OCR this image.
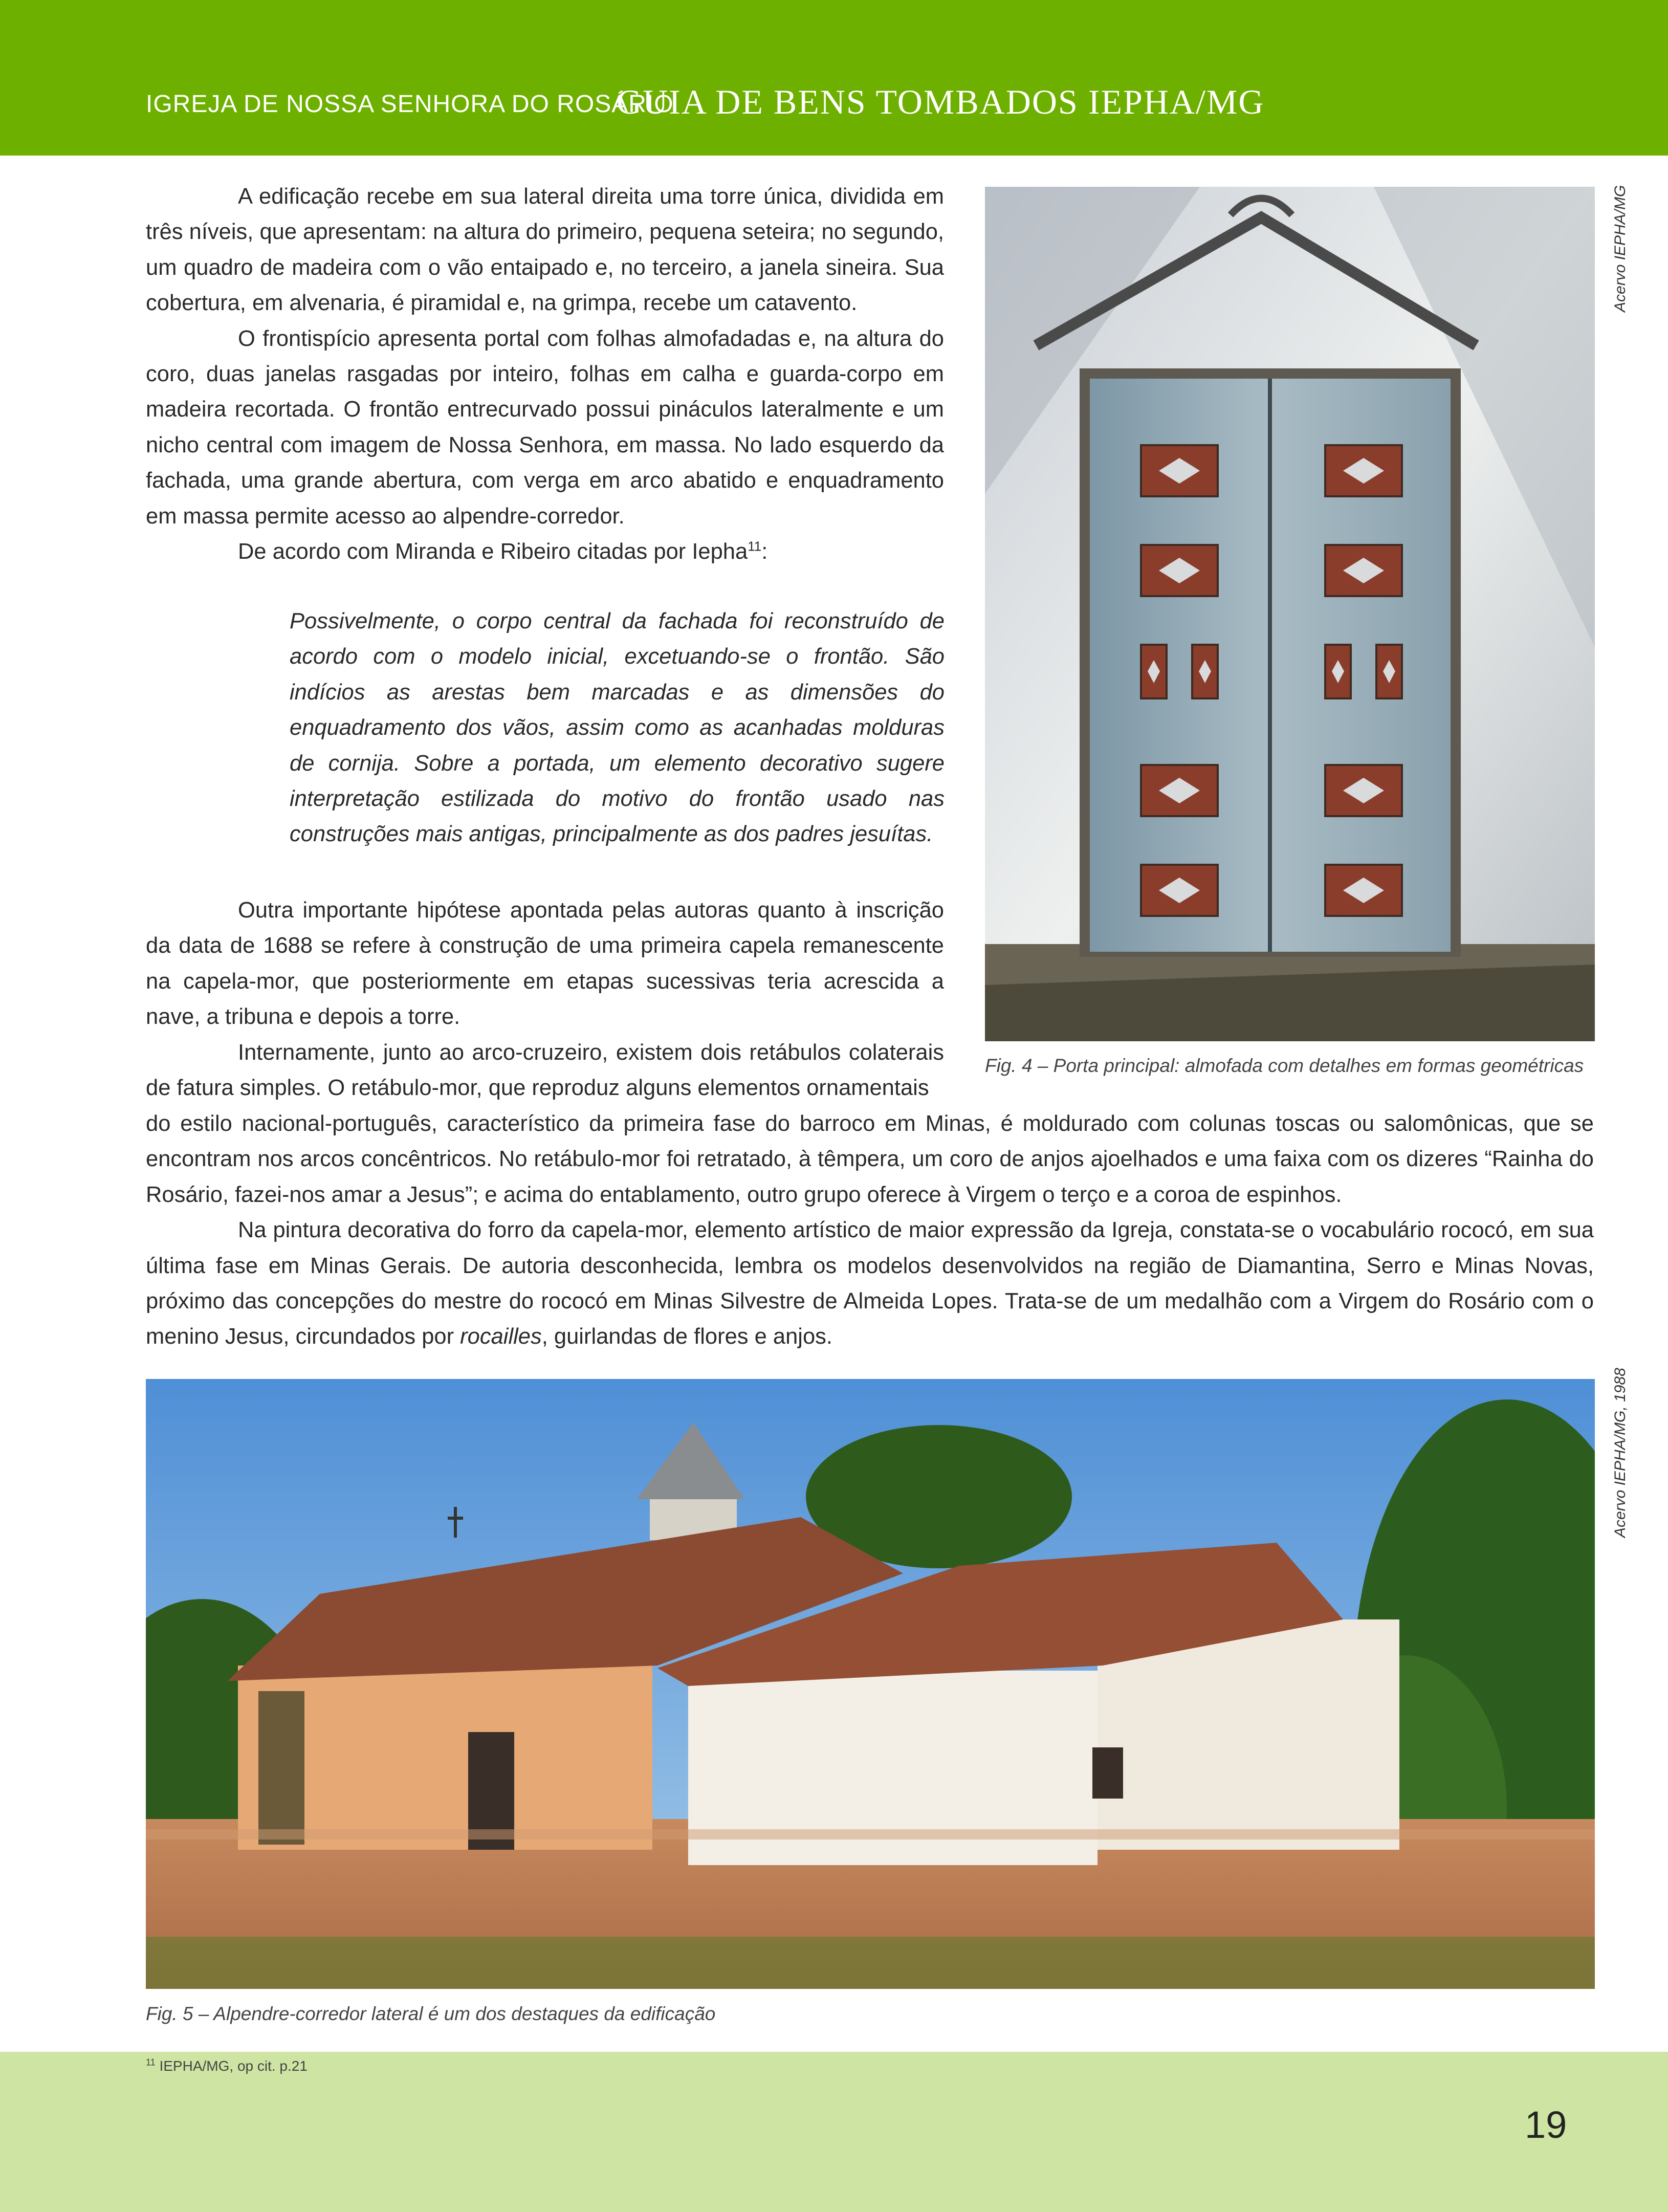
IGREJA DE NOSSA SENHORA DO ROSÁRIO
GUIA DE BENS TOMBADOS IEPHA/MG

A edificação recebe em sua lateral direita uma torre única, dividida em três níveis, que apresentam: na altura do primeiro, pequena seteira; no segundo, um quadro de madeira com o vão entaipado e, no terceiro, a janela sineira. Sua cobertura, em alvenaria, é piramidal e, na grimpa, recebe um catavento.

O frontispício apresenta portal com folhas almofadadas e, na altura do coro, duas janelas rasgadas por inteiro, folhas em calha e guarda-corpo em madeira recortada. O frontão entrecurvado possui pináculos lateralmente e um nicho central com imagem de Nossa Senhora, em massa. No lado esquerdo da fachada, uma grande abertura, com verga em arco abatido e enquadramento em massa permite acesso ao alpendre-corredor.

De acordo com Miranda e Ribeiro citadas por Iepha$^{11}$:

Possivelmente, o corpo central da fachada foi reconstruído de acordo com o modelo inicial, excetuando-se o frontão. São indícios as arestas bem marcadas e as dimensões do enquadramento dos vãos, assim como as acanhadas molduras de cornija. Sobre a portada, um elemento decorativo sugere interpretação estilizada do motivo do frontão usado nas construções mais antigas, principalmente as dos padres jesuítas.

Outra importante hipótese apontada pelas autoras quanto à inscrição da data de 1688 se refere à construção de uma primeira capela remanescente na capela-mor, que posteriormente em etapas sucessivas teria acrescida a nave, a tribuna e depois a torre.

Internamente, junto ao arco-cruzeiro, existem dois retábulos colaterais de fatura simples. O retábulo-mor, que reproduz alguns elementos ornamentais

do estilo nacional-português, característico da primeira fase do barroco em Minas, é moldurado com colunas toscas ou salomônicas, que se encontram nos arcos concêntricos. No retábulo-mor foi retratado, à têmpera, um coro de anjos ajoelhados e uma faixa com os dizeres “Rainha do Rosário, fazei-nos amar a Jesus”; e acima do entablamento, outro grupo oferece à Virgem o terço e a coroa de espinhos.

Na pintura decorativa do forro da capela-mor, elemento artístico de maior expressão da Igreja, constata-se o vocabulário rococó, em sua última fase em Minas Gerais. De autoria desconhecida, lembra os modelos desenvolvidos na região de Diamantina, Serro e Minas Novas, próximo das concepções do mestre do rococó em Minas Silvestre de Almeida Lopes. Trata-se de um medalhão com a Virgem do Rosário com o menino Jesus, circundados por rocailles, guirlandas de flores e anjos.

Fig. 4 – Porta principal: almofada com detalhes em formas geométricas
Acervo IEPHA/MG
Fig. 5 – Alpendre-corredor lateral é um dos destaques da edificação
Acervo IEPHA/MG, 1988
$^{11}$ IEPHA/MG, op cit. p.21
19
